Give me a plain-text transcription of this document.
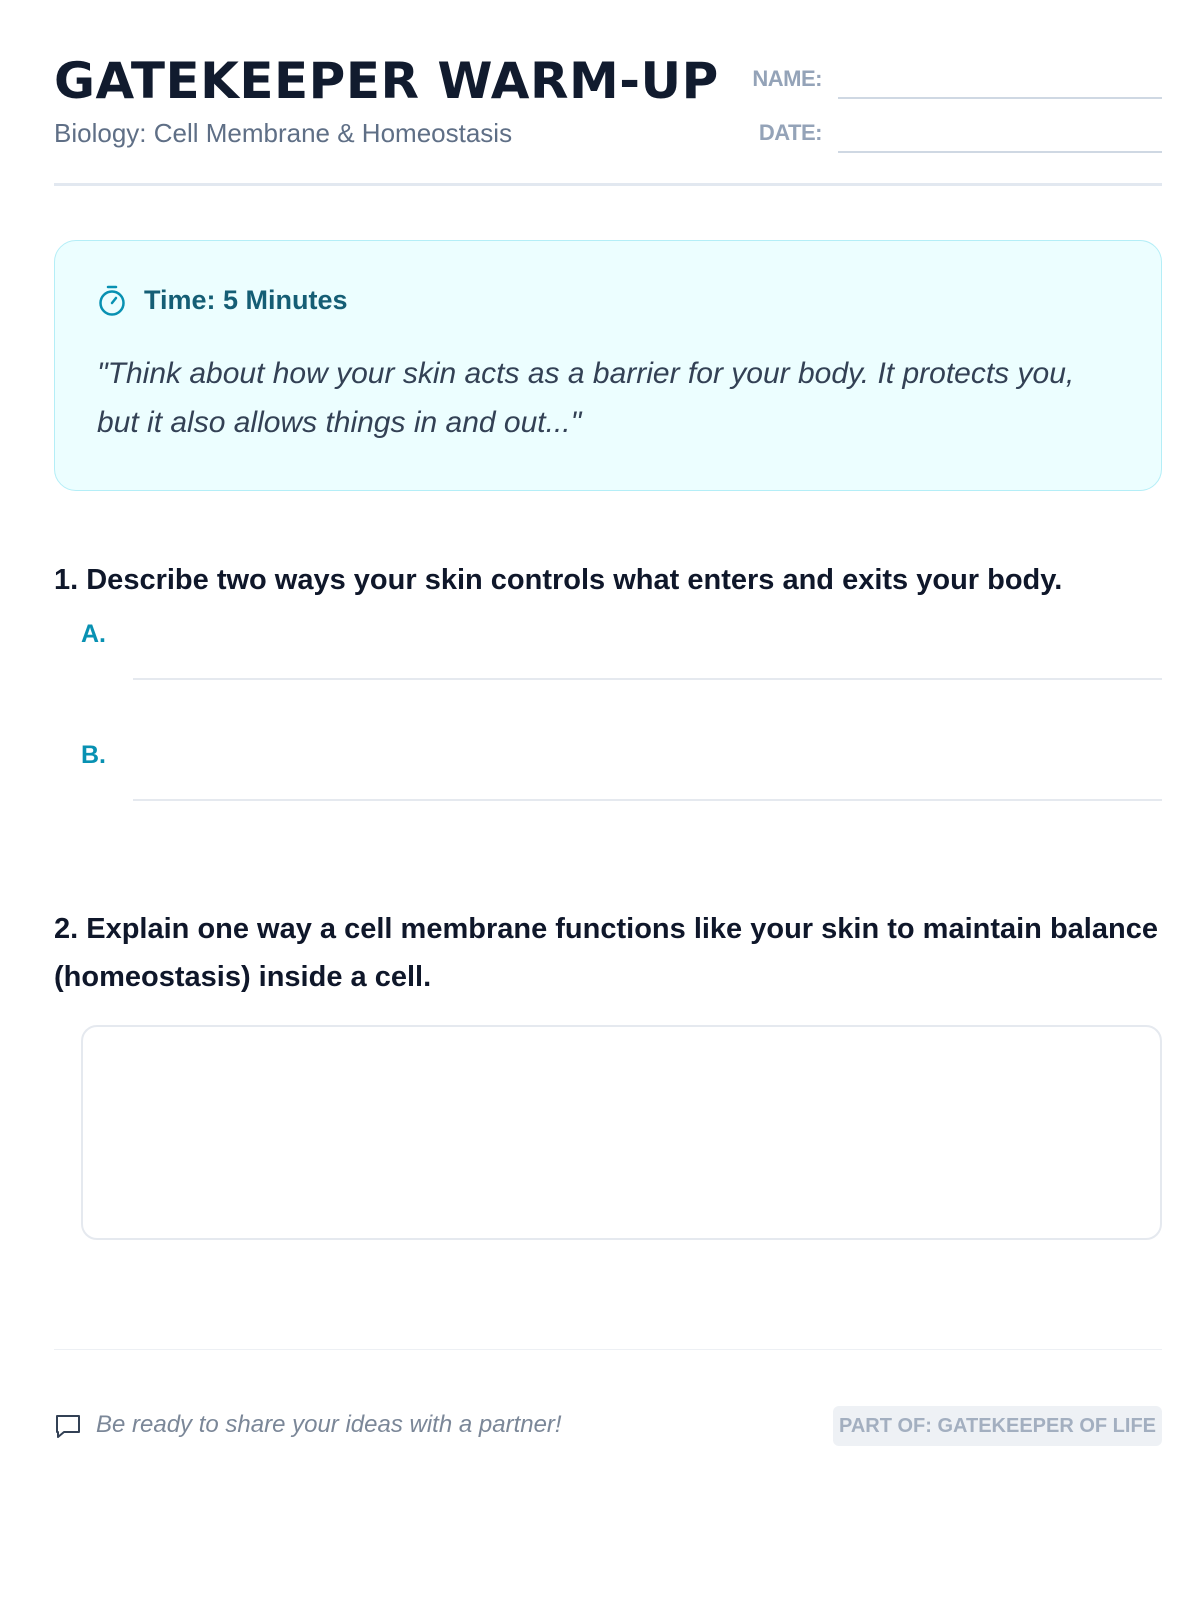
GATEKEEPER WARM-UP
Biology: Cell Membrane & Homeostasis
NAME:
DATE:
Time: 5 Minutes

"Think about how your skin acts as a barrier for your body. It protects you, but it also allows things in and out..."

1. Describe two ways your skin controls what enters and exits your body.
A.
B.
2. Explain one way a cell membrane functions like your skin to maintain balance (homeostasis) inside a cell.
Be ready to share your ideas with a partner!	PART OF: GATEKEEPER OF LIFE
